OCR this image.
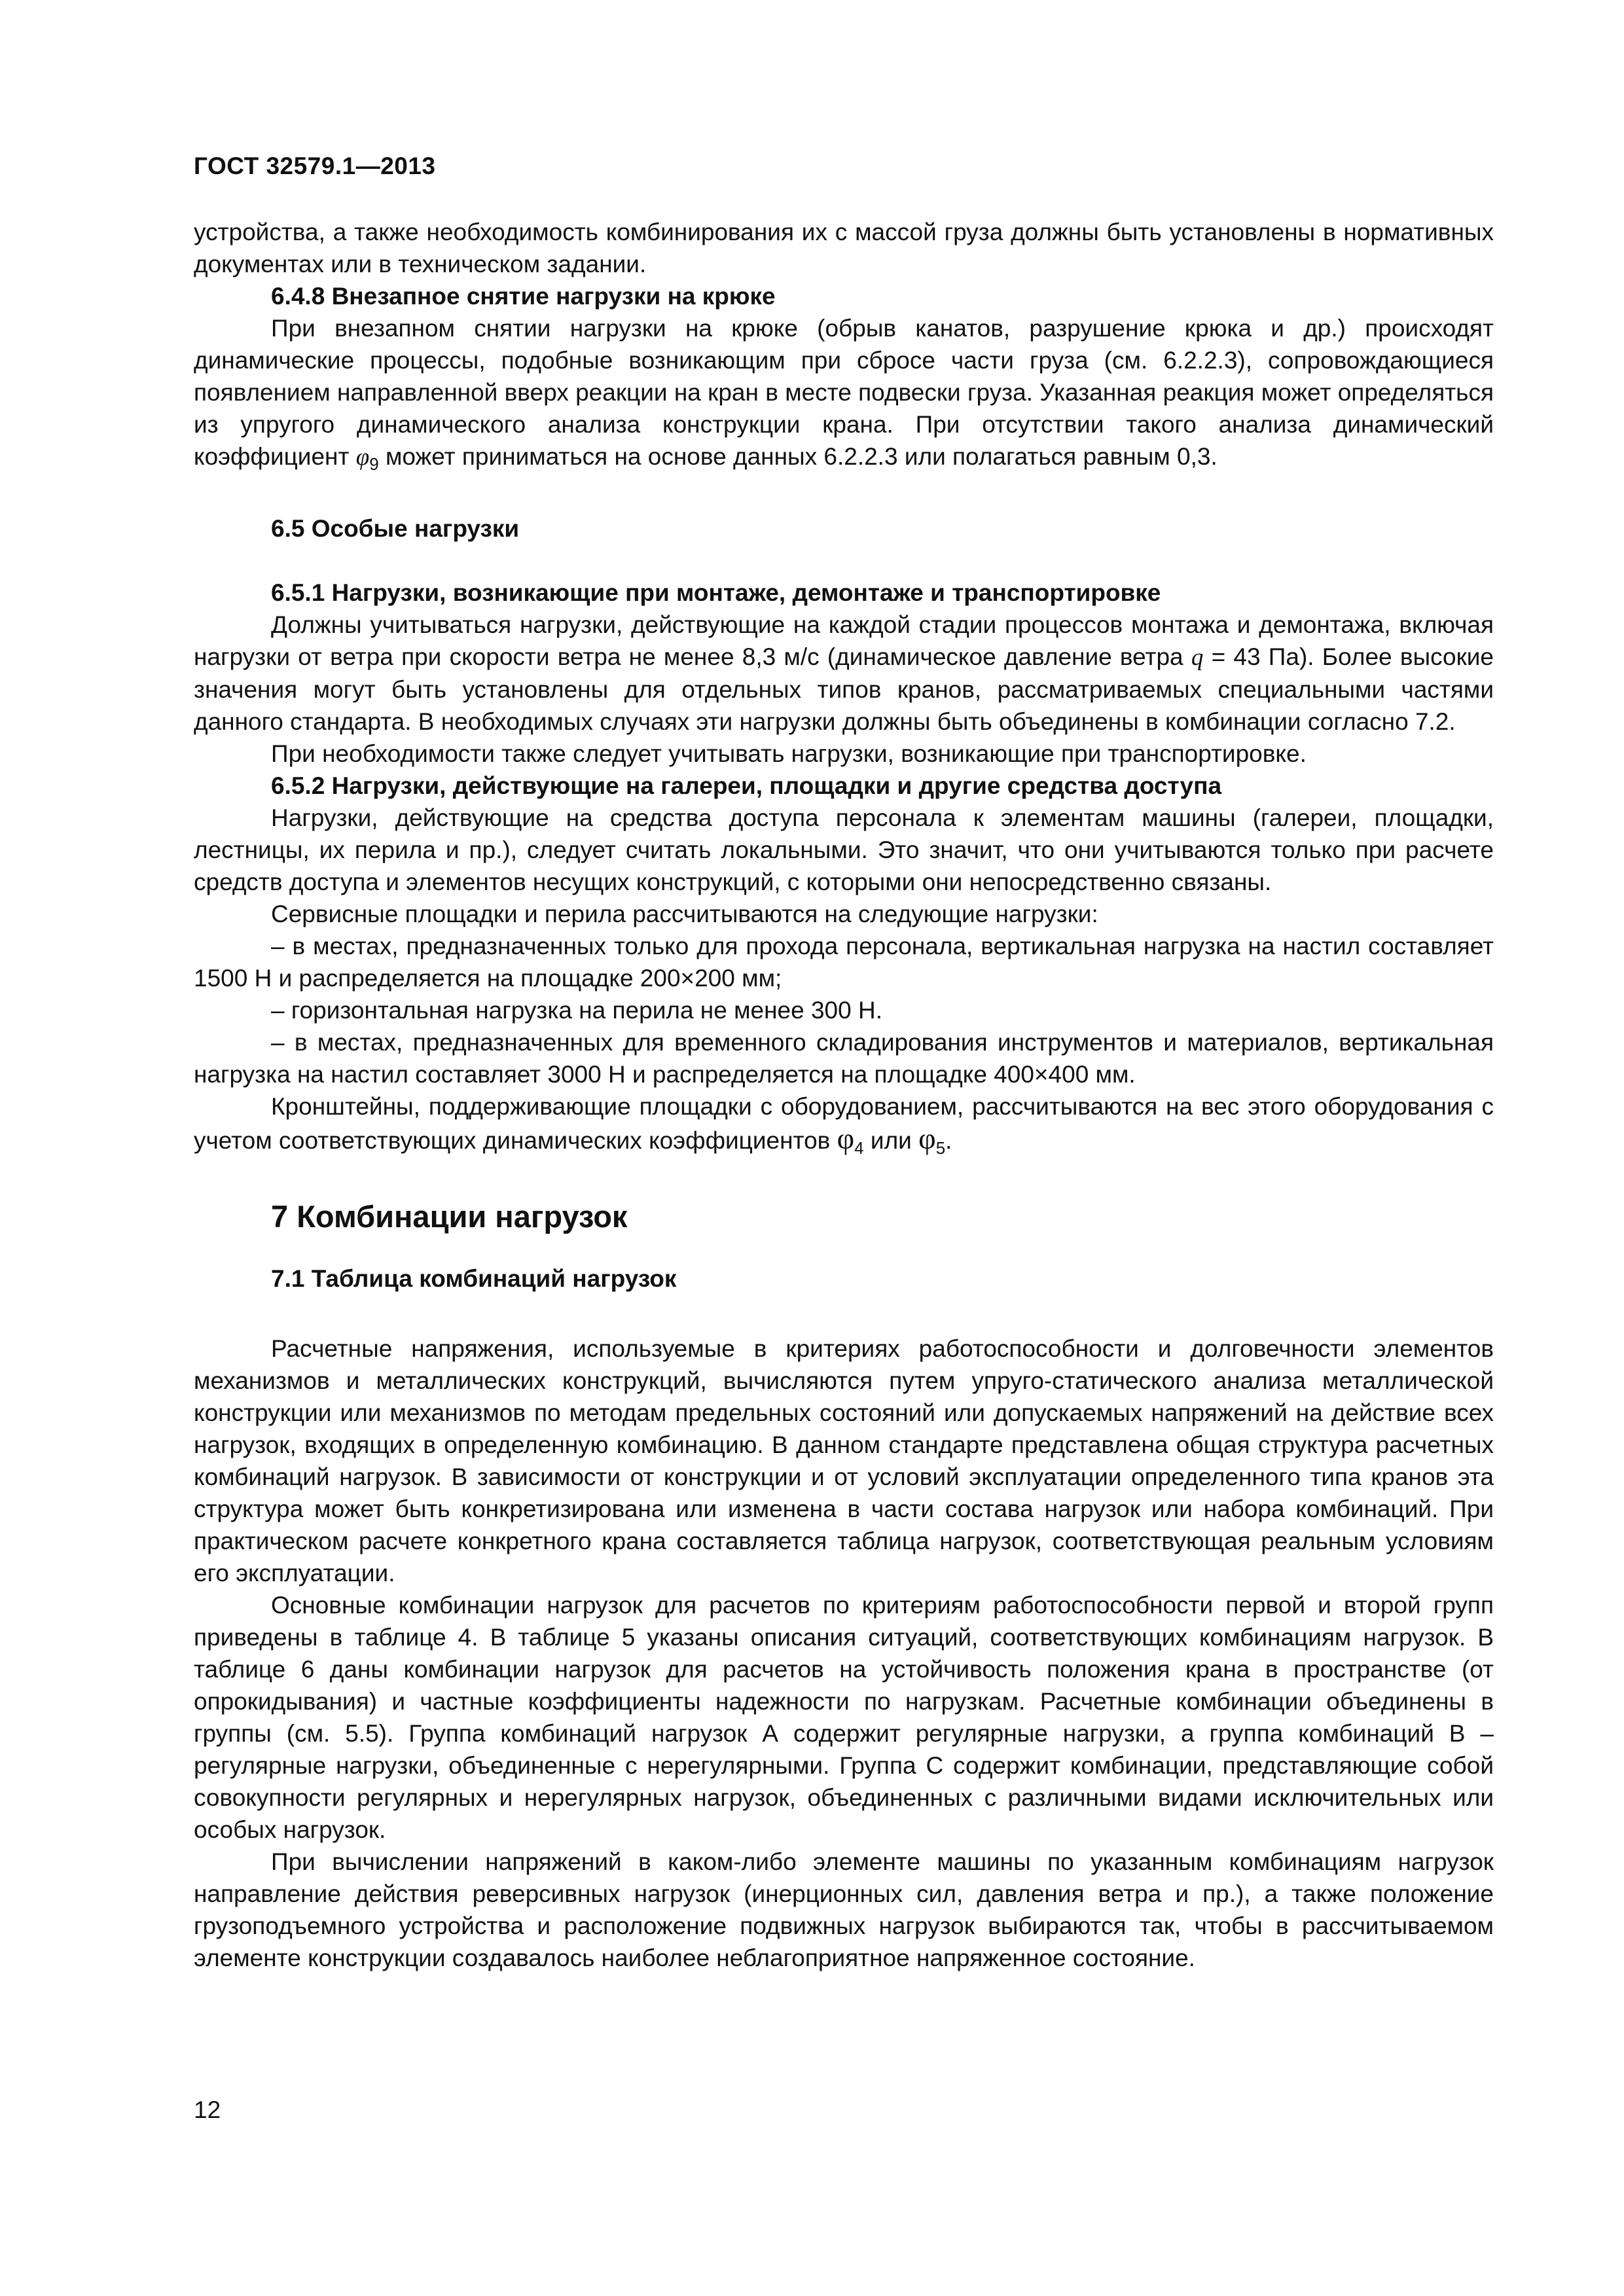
ГОСТ 32579.1—2013

устройства, а также необходимость комбинирования их с массой груза должны быть установлены в нормативных документах или в техническом задании.

6.4.8 Внезапное снятие нагрузки на крюке

При внезапном снятии нагрузки на крюке (обрыв канатов, разрушение крюка и др.) происходят динамические процессы, подобные возникающим при сбросе части груза (см. 6.2.2.3), сопровождающиеся появлением направленной вверх реакции на кран в месте подвески груза. Указанная реакция может определяться из упругого динамического анализа конструкции крана. При отсутствии такого анализа динамический коэффициент $\varphi_9$ может приниматься на основе данных 6.2.2.3 или полагаться равным 0,3.

6.5 Особые нагрузки
6.5.1 Нагрузки, возникающие при монтаже, демонтаже и транспортировке

Должны учитываться нагрузки, действующие на каждой стадии процессов монтажа и демонтажа, включая нагрузки от ветра при скорости ветра не менее 8,3 м/с (динамическое давление ветра q = 43 Па). Более высокие значения могут быть установлены для отдельных типов кранов, рассматриваемых специальными частями данного стандарта. В необходимых случаях эти нагрузки должны быть объединены в комбинации согласно 7.2.

При необходимости также следует учитывать нагрузки, возникающие при транспортировке.

6.5.2 Нагрузки, действующие на галереи, площадки и другие средства доступа

Нагрузки, действующие на средства доступа персонала к элементам машины (галереи, площадки, лестницы, их перила и пр.), следует считать локальными. Это значит, что они учитываются только при расчете средств доступа и элементов несущих конструкций, с которыми они непосредственно связаны.

Сервисные площадки и перила рассчитываются на следующие нагрузки:

– в местах, предназначенных только для прохода персонала, вертикальная нагрузка на настил составляет 1500 Н и распределяется на площадке 200×200 мм;

– горизонтальная нагрузка на перила не менее 300 Н.

– в местах, предназначенных для временного складирования инструментов и материалов, вертикальная нагрузка на настил составляет 3000 Н и распределяется на площадке 400×400 мм.

Кронштейны, поддерживающие площадки с оборудованием, рассчитываются на вес этого оборудования с учетом соответствующих динамических коэффициентов $\varphi_4$ или $\varphi_5$.

7 Комбинации нагрузок
7.1 Таблица комбинаций нагрузок

Расчетные напряжения, используемые в критериях работоспособности и долговечности элементов механизмов и металлических конструкций, вычисляются путем упруго-статического анализа металлической конструкции или механизмов по методам предельных состояний или допускаемых напряжений на действие всех нагрузок, входящих в определенную комбинацию. В данном стандарте представлена общая структура расчетных комбинаций нагрузок. В зависимости от конструкции и от условий эксплуатации определенного типа кранов эта структура может быть конкретизирована или изменена в части состава нагрузок или набора комбинаций. При практическом расчете конкретного крана составляется таблица нагрузок, соответствующая реальным условиям его эксплуатации.

Основные комбинации нагрузок для расчетов по критериям работоспособности первой и второй групп приведены в таблице 4. В таблице 5 указаны описания ситуаций, соответствующих комбинациям нагрузок. В таблице 6 даны комбинации нагрузок для расчетов на устойчивость положения крана в пространстве (от опрокидывания) и частные коэффициенты надежности по нагрузкам. Расчетные комбинации объединены в группы (см. 5.5). Группа комбинаций нагрузок А содержит регулярные нагрузки, а группа комбинаций В – регулярные нагрузки, объединенные с нерегулярными. Группа С содержит комбинации, представляющие собой совокупности регулярных и нерегулярных нагрузок, объединенных с различными видами исключительных или особых нагрузок.

При вычислении напряжений в каком-либо элементе машины по указанным комбинациям нагрузок направление действия реверсивных нагрузок (инерционных сил, давления ветра и пр.), а также положение грузоподъемного устройства и расположение подвижных нагрузок выбираются так, чтобы в рассчитываемом элементе конструкции создавалось наиболее неблагоприятное напряженное состояние.

12
